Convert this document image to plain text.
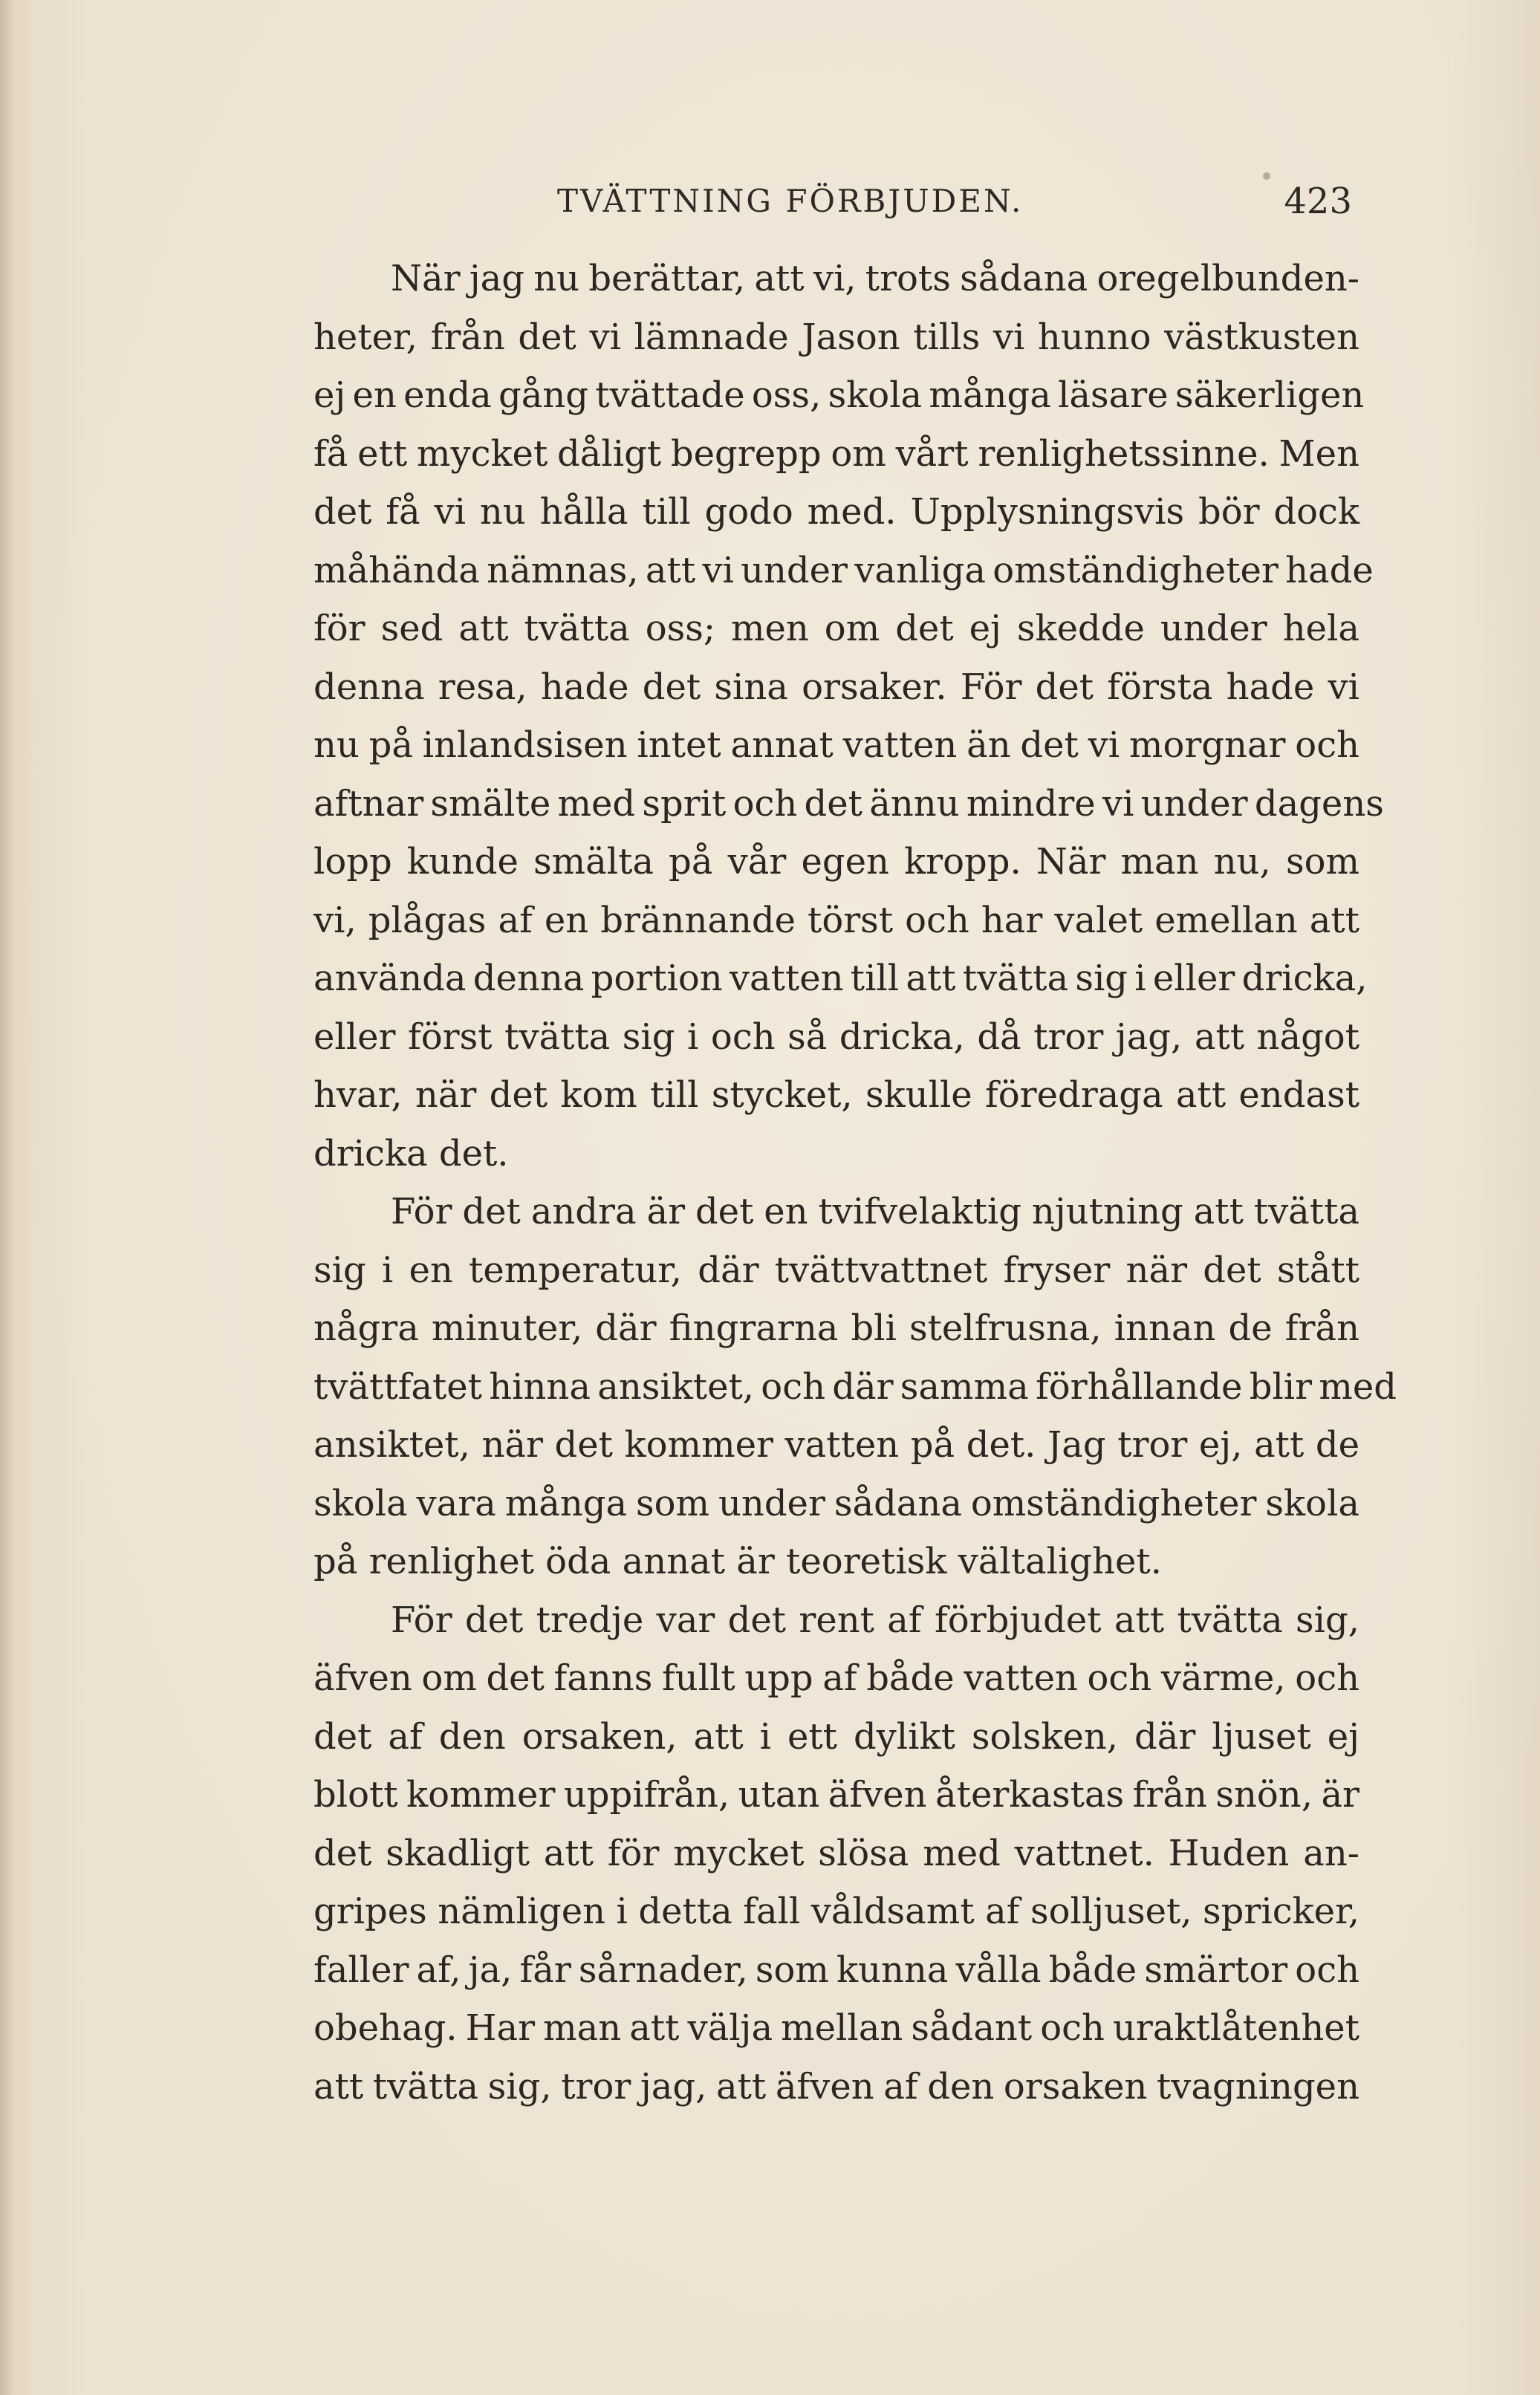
TVÄTTNING FÖRBJUDEN.	423
När jag nu berättar, att vi, trots sådana oregelbunden-
heter, från det vi lämnade Jason tills vi hunno västkusten
ej en enda gång tvättade oss, skola många läsare säkerligen
få ett mycket dåligt begrepp om vårt renlighetssinne. Men
det få vi nu hålla till godo med. Upplysningsvis bör dock
måhända nämnas, att vi under vanliga omständigheter hade
för sed att tvätta oss; men om det ej skedde under hela
denna resa, hade det sina orsaker. För det första hade vi
nu på inlandsisen intet annat vatten än det vi morgnar och
aftnar smälte med sprit och det ännu mindre vi under dagens
lopp kunde smälta på vår egen kropp. När man nu, som
vi, plågas af en brännande törst och har valet emellan att
använda denna portion vatten till att tvätta sig i eller dricka,
eller först tvätta sig i och så dricka, då tror jag, att något
hvar, när det kom till stycket, skulle föredraga att endast
dricka det.
För det andra är det en tvifvelaktig njutning att tvätta
sig i en temperatur, där tvättvattnet fryser när det stått
några minuter, där fingrarna bli stelfrusna, innan de från
tvättfatet hinna ansiktet, och där samma förhållande blir med
ansiktet, när det kommer vatten på det. Jag tror ej, att de
skola vara många som under sådana omständigheter skola
på renlighet öda annat är teoretisk vältalighet.
För det tredje var det rent af förbjudet att tvätta sig,
äfven om det fanns fullt upp af både vatten och värme, och
det af den orsaken, att i ett dylikt solsken, där ljuset ej
blott kommer uppifrån, utan äfven återkastas från snön, är
det skadligt att för mycket slösa med vattnet. Huden an-
gripes nämligen i detta fall våldsamt af solljuset, spricker,
faller af, ja, får sårnader, som kunna vålla både smärtor och
obehag. Har man att välja mellan sådant och uraktlåtenhet
att tvätta sig, tror jag, att äfven af den orsaken tvagningen
